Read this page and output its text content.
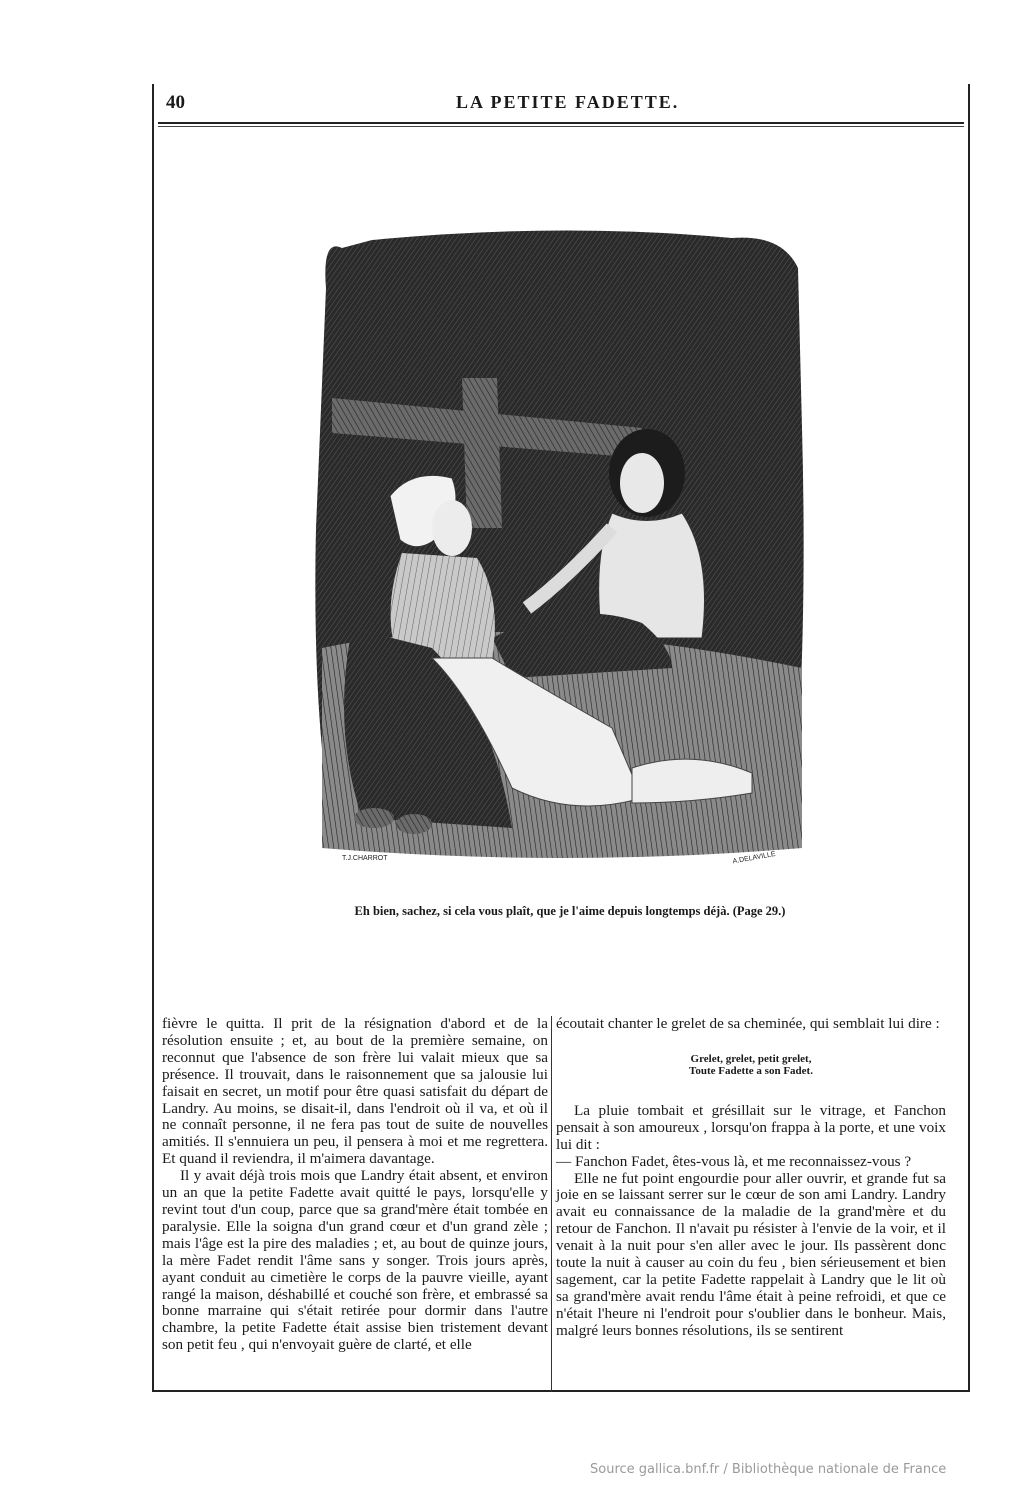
40	LA PETITE FADETTE.
T.J.CHARROT	A.DELAVILLE
Eh bien, sachez, si cela vous plaît, que je l'aime depuis longtemps déjà. (Page 29.)

fièvre le quitta. Il prit de la résignation d'abord et de la résolution ensuite ; et, au bout de la première semaine, on reconnut que l'absence de son frère lui valait mieux que sa présence. Il trouvait, dans le raisonnement que sa jalousie lui faisait en secret, un motif pour être quasi satisfait du départ de Landry. Au moins, se disait-il, dans l'endroit où il va, et où il ne connaît personne, il ne fera pas tout de suite de nouvelles amitiés. Il s'ennuiera un peu, il pensera à moi et me regrettera. Et quand il reviendra, il m'aimera davantage.

Il y avait déjà trois mois que Landry était absent, et environ un an que la petite Fadette avait quitté le pays, lorsqu'elle y revint tout d'un coup, parce que sa grand'mère était tombée en paralysie. Elle la soigna d'un grand cœur et d'un grand zèle ; mais l'âge est la pire des maladies ; et, au bout de quinze jours, la mère Fadet rendit l'âme sans y songer. Trois jours après, ayant conduit au cimetière le corps de la pauvre vieille, ayant rangé la maison, déshabillé et couché son frère, et embrassé sa bonne marraine qui s'était retirée pour dormir dans l'autre chambre, la petite Fadette était assise bien tristement devant son petit feu , qui n'envoyait guère de clarté, et elle

écoutait chanter le grelet de sa cheminée, qui semblait lui dire :

Grelet, grelet, petit grelet,
Toute Fadette a son Fadet.

La pluie tombait et grésillait sur le vitrage, et Fanchon pensait à son amoureux , lorsqu'on frappa à la porte, et une voix lui dit :

— Fanchon Fadet, êtes-vous là, et me reconnaissez-vous ?

Elle ne fut point engourdie pour aller ouvrir, et grande fut sa joie en se laissant serrer sur le cœur de son ami Landry. Landry avait eu connaissance de la maladie de la grand'mère et du retour de Fanchon. Il n'avait pu résister à l'envie de la voir, et il venait à la nuit pour s'en aller avec le jour. Ils passèrent donc toute la nuit à causer au coin du feu , bien sérieusement et bien sagement, car la petite Fadette rappelait à Landry que le lit où sa grand'mère avait rendu l'âme était à peine refroidi, et que ce n'était l'heure ni l'endroit pour s'oublier dans le bonheur. Mais, malgré leurs bonnes résolutions, ils se sentirent

Source gallica.bnf.fr / Bibliothèque nationale de France
